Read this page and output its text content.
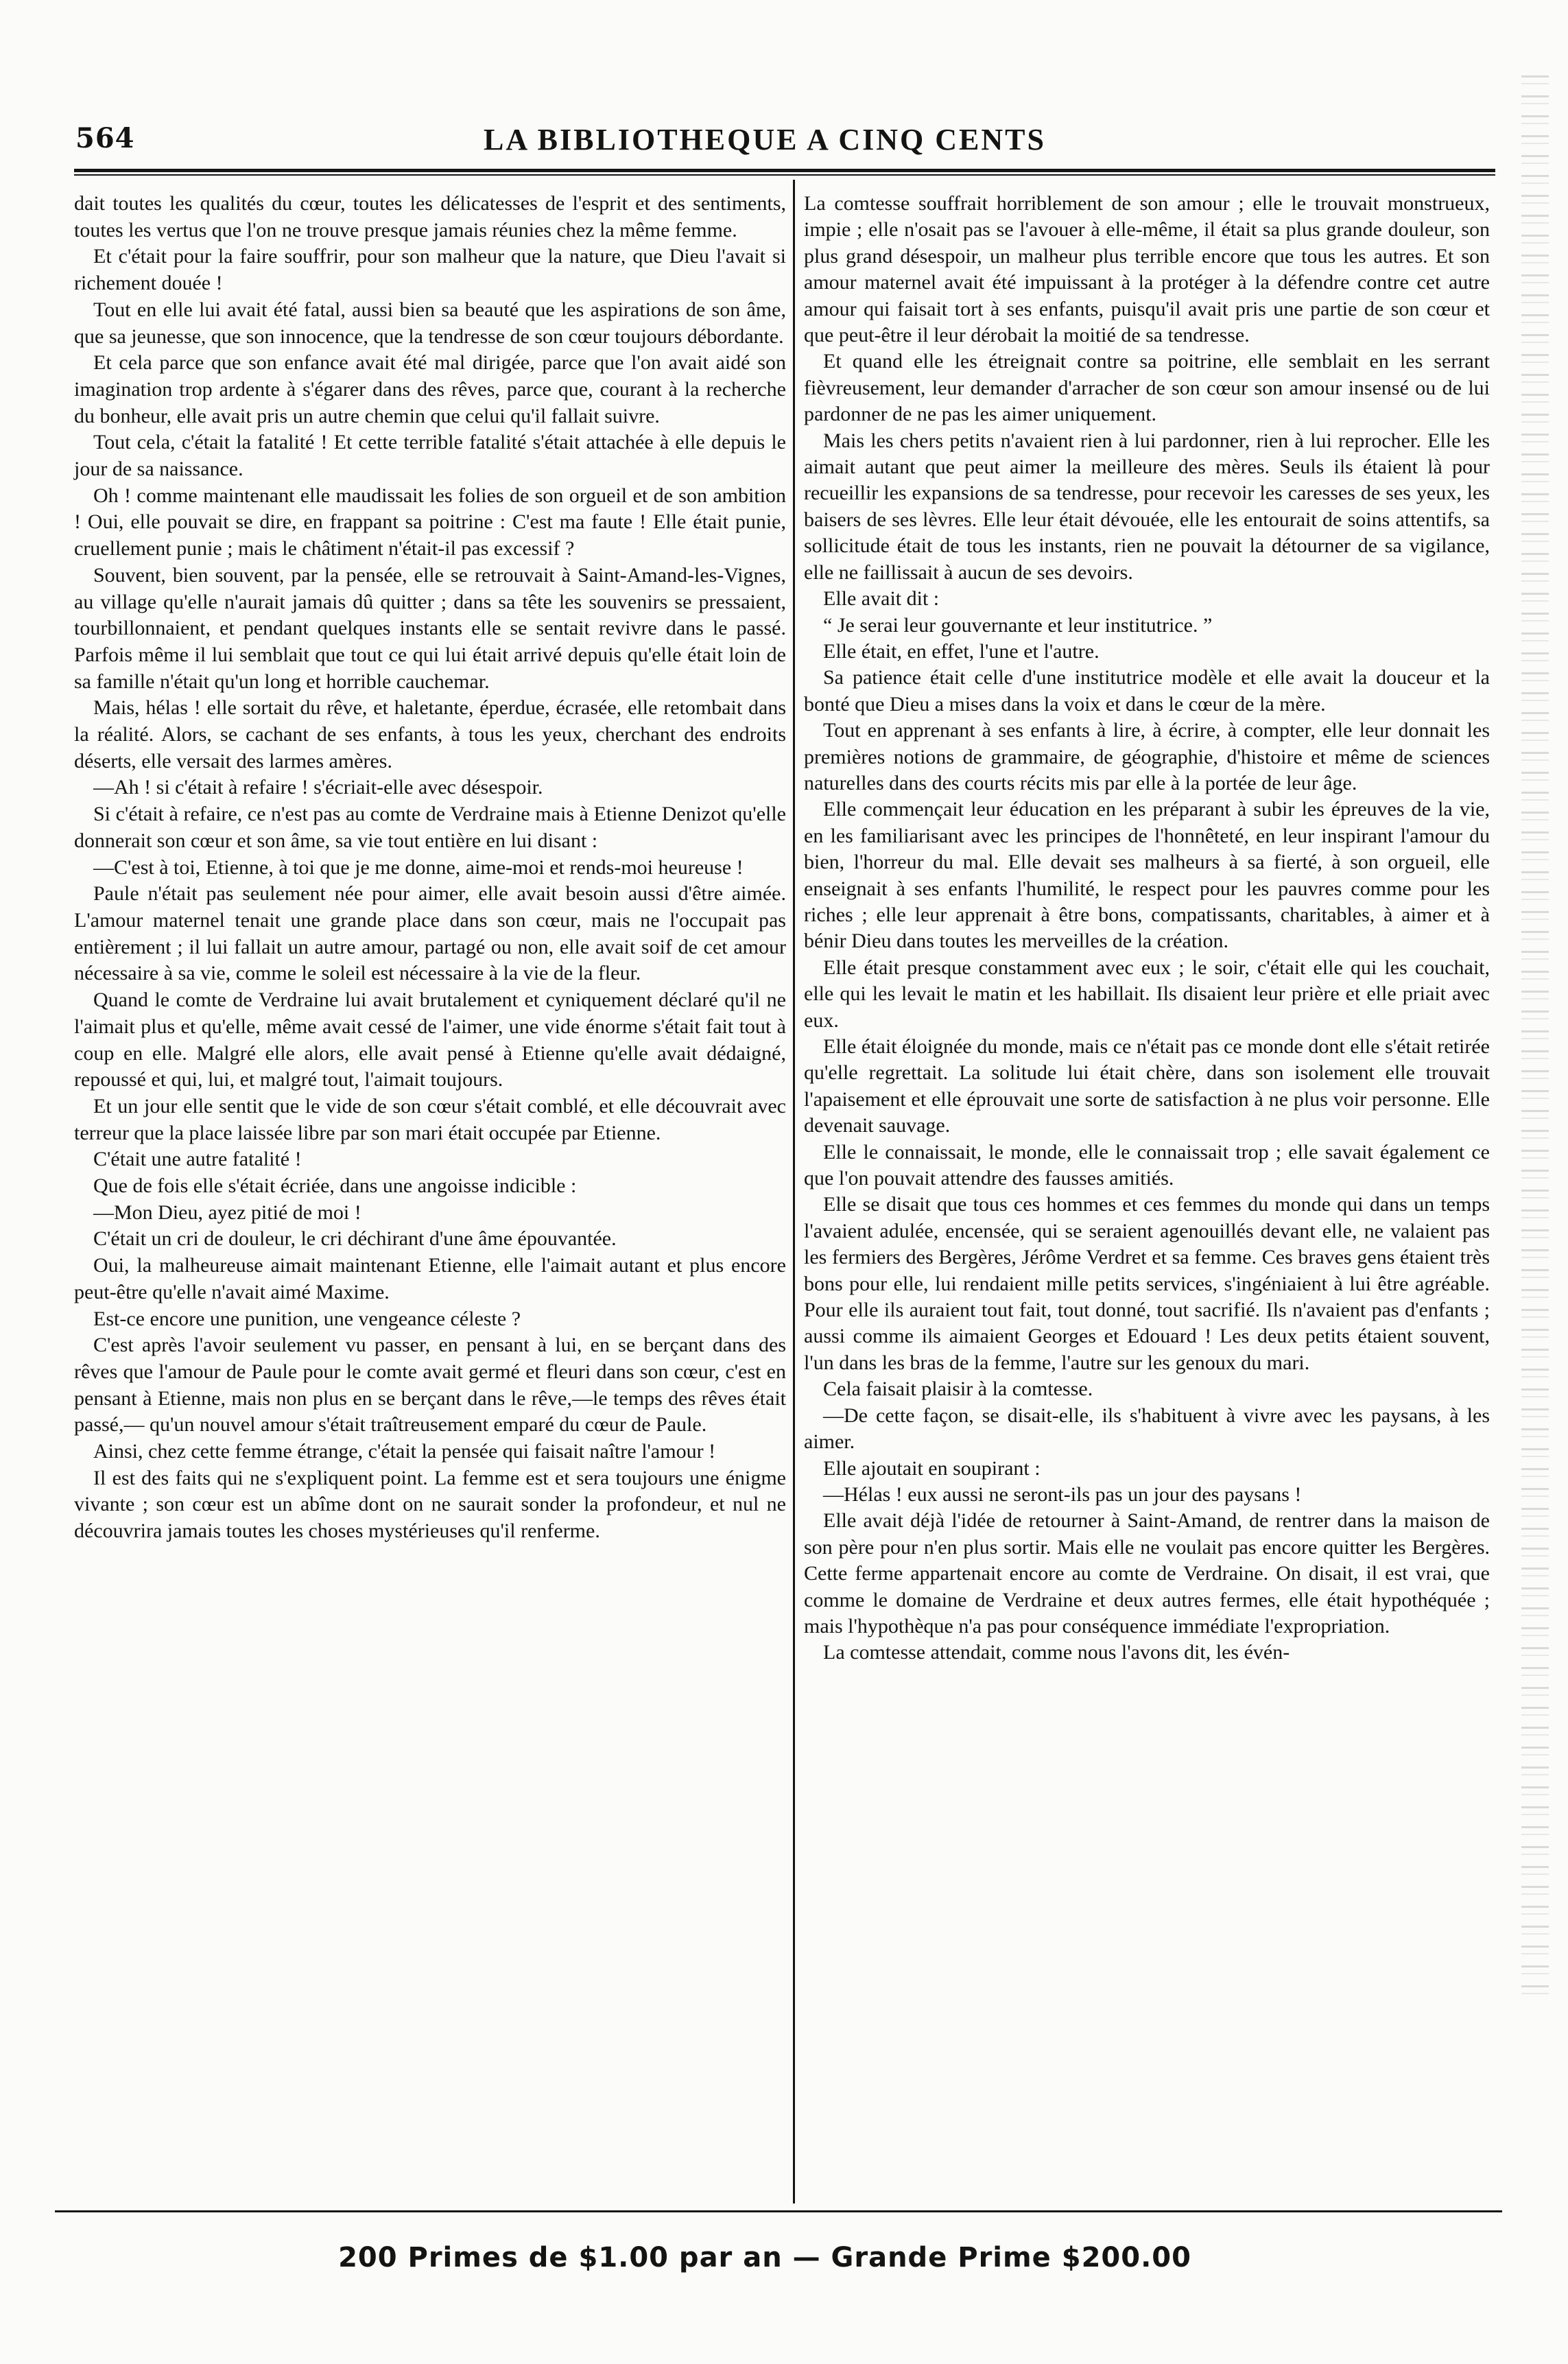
564	LA BIBLIOTHEQUE A CINQ CENTS

dait toutes les qualités du cœur, toutes les délicatesses de l'esprit et des sentiments, toutes les vertus que l'on ne trouve presque jamais réunies chez la même femme.

Et c'était pour la faire souffrir, pour son malheur que la nature, que Dieu l'avait si richement douée !

Tout en elle lui avait été fatal, aussi bien sa beauté que les aspirations de son âme, que sa jeunesse, que son innocence, que la tendresse de son cœur toujours débordante.

Et cela parce que son enfance avait été mal dirigée, parce que l'on avait aidé son imagination trop ardente à s'égarer dans des rêves, parce que, courant à la recherche du bonheur, elle avait pris un autre chemin que celui qu'il fallait suivre.

Tout cela, c'était la fatalité ! Et cette terrible fatalité s'était attachée à elle depuis le jour de sa naissance.

Oh ! comme maintenant elle maudissait les folies de son orgueil et de son ambition ! Oui, elle pouvait se dire, en frappant sa poitrine : C'est ma faute ! Elle était punie, cruellement punie ; mais le châtiment n'était-il pas excessif ?

Souvent, bien souvent, par la pensée, elle se retrouvait à Saint-Amand-les-Vignes, au village qu'elle n'aurait jamais dû quitter ; dans sa tête les souvenirs se pressaient, tourbillonnaient, et pendant quelques instants elle se sentait revivre dans le passé. Parfois même il lui semblait que tout ce qui lui était arrivé depuis qu'elle était loin de sa famille n'était qu'un long et horrible cauchemar.

Mais, hélas ! elle sortait du rêve, et haletante, éperdue, écrasée, elle retombait dans la réalité. Alors, se cachant de ses enfants, à tous les yeux, cherchant des endroits déserts, elle versait des larmes amères.

—Ah ! si c'était à refaire ! s'écriait-elle avec désespoir.

Si c'était à refaire, ce n'est pas au comte de Verdraine mais à Etienne Denizot qu'elle donnerait son cœur et son âme, sa vie tout entière en lui disant :

—C'est à toi, Etienne, à toi que je me donne, aime-moi et rends-moi heureuse !

Paule n'était pas seulement née pour aimer, elle avait besoin aussi d'être aimée. L'amour maternel tenait une grande place dans son cœur, mais ne l'occupait pas entièrement ; il lui fallait un autre amour, partagé ou non, elle avait soif de cet amour nécessaire à sa vie, comme le soleil est nécessaire à la vie de la fleur.

Quand le comte de Verdraine lui avait brutalement et cyniquement déclaré qu'il ne l'aimait plus et qu'elle, même avait cessé de l'aimer, une vide énorme s'était fait tout à coup en elle. Malgré elle alors, elle avait pensé à Etienne qu'elle avait dédaigné, repoussé et qui, lui, et malgré tout, l'aimait toujours.

Et un jour elle sentit que le vide de son cœur s'était comblé, et elle découvrait avec terreur que la place laissée libre par son mari était occupée par Etienne.

C'était une autre fatalité !

Que de fois elle s'était écriée, dans une angoisse indicible :

—Mon Dieu, ayez pitié de moi !

C'était un cri de douleur, le cri déchirant d'une âme épouvantée.

Oui, la malheureuse aimait maintenant Etienne, elle l'aimait autant et plus encore peut-être qu'elle n'avait aimé Maxime.

Est-ce encore une punition, une vengeance céleste ?

C'est après l'avoir seulement vu passer, en pensant à lui, en se berçant dans des rêves que l'amour de Paule pour le comte avait germé et fleuri dans son cœur, c'est en pensant à Etienne, mais non plus en se berçant dans le rêve,—le temps des rêves était passé,— qu'un nouvel amour s'était traîtreusement emparé du cœur de Paule.

Ainsi, chez cette femme étrange, c'était la pensée qui faisait naître l'amour !

Il est des faits qui ne s'expliquent point. La femme est et sera toujours une énigme vivante ; son cœur est un abîme dont on ne saurait sonder la profondeur, et nul ne découvrira jamais toutes les choses mystérieuses qu'il renferme.

La comtesse souffrait horriblement de son amour ; elle le trouvait monstrueux, impie ; elle n'osait pas se l'avouer à elle-même, il était sa plus grande douleur, son plus grand désespoir, un malheur plus terrible encore que tous les autres. Et son amour maternel avait été impuissant à la protéger à la défendre contre cet autre amour qui faisait tort à ses enfants, puisqu'il avait pris une partie de son cœur et que peut-être il leur dérobait la moitié de sa tendresse.

Et quand elle les étreignait contre sa poitrine, elle semblait en les serrant fièvreusement, leur demander d'arracher de son cœur son amour insensé ou de lui pardonner de ne pas les aimer uniquement.

Mais les chers petits n'avaient rien à lui pardonner, rien à lui reprocher. Elle les aimait autant que peut aimer la meilleure des mères. Seuls ils étaient là pour recueillir les expansions de sa tendresse, pour recevoir les caresses de ses yeux, les baisers de ses lèvres. Elle leur était dévouée, elle les entourait de soins attentifs, sa sollicitude était de tous les instants, rien ne pouvait la détourner de sa vigilance, elle ne faillissait à aucun de ses devoirs.

Elle avait dit :

“ Je serai leur gouvernante et leur institutrice. ”

Elle était, en effet, l'une et l'autre.

Sa patience était celle d'une institutrice modèle et elle avait la douceur et la bonté que Dieu a mises dans la voix et dans le cœur de la mère.

Tout en apprenant à ses enfants à lire, à écrire, à compter, elle leur donnait les premières notions de grammaire, de géographie, d'histoire et même de sciences naturelles dans des courts récits mis par elle à la portée de leur âge.

Elle commençait leur éducation en les préparant à subir les épreuves de la vie, en les familiarisant avec les principes de l'honnêteté, en leur inspirant l'amour du bien, l'horreur du mal. Elle devait ses malheurs à sa fierté, à son orgueil, elle enseignait à ses enfants l'humilité, le respect pour les pauvres comme pour les riches ; elle leur apprenait à être bons, compatissants, charitables, à aimer et à bénir Dieu dans toutes les merveilles de la création.

Elle était presque constamment avec eux ; le soir, c'était elle qui les couchait, elle qui les levait le matin et les habillait. Ils disaient leur prière et elle priait avec eux.

Elle était éloignée du monde, mais ce n'était pas ce monde dont elle s'était retirée qu'elle regrettait. La solitude lui était chère, dans son isolement elle trouvait l'apaisement et elle éprouvait une sorte de satisfaction à ne plus voir personne. Elle devenait sauvage.

Elle le connaissait, le monde, elle le connaissait trop ; elle savait également ce que l'on pouvait attendre des fausses amitiés.

Elle se disait que tous ces hommes et ces femmes du monde qui dans un temps l'avaient adulée, encensée, qui se seraient agenouillés devant elle, ne valaient pas les fermiers des Bergères, Jérôme Verdret et sa femme. Ces braves gens étaient très bons pour elle, lui rendaient mille petits services, s'ingéniaient à lui être agréable. Pour elle ils auraient tout fait, tout donné, tout sacrifié. Ils n'avaient pas d'enfants ; aussi comme ils aimaient Georges et Edouard ! Les deux petits étaient souvent, l'un dans les bras de la femme, l'autre sur les genoux du mari.

Cela faisait plaisir à la comtesse.

—De cette façon, se disait-elle, ils s'habituent à vivre avec les paysans, à les aimer.

Elle ajoutait en soupirant :

—Hélas ! eux aussi ne seront-ils pas un jour des paysans !

Elle avait déjà l'idée de retourner à Saint-Amand, de rentrer dans la maison de son père pour n'en plus sortir. Mais elle ne voulait pas encore quitter les Bergères. Cette ferme appartenait encore au comte de Verdraine. On disait, il est vrai, que comme le domaine de Verdraine et deux autres fermes, elle était hypothéquée ; mais l'hypothèque n'a pas pour conséquence immédiate l'expropriation.

La comtesse attendait, comme nous l'avons dit, les évén-

200 Primes de $1.00 par an — Grande Prime $200.00
